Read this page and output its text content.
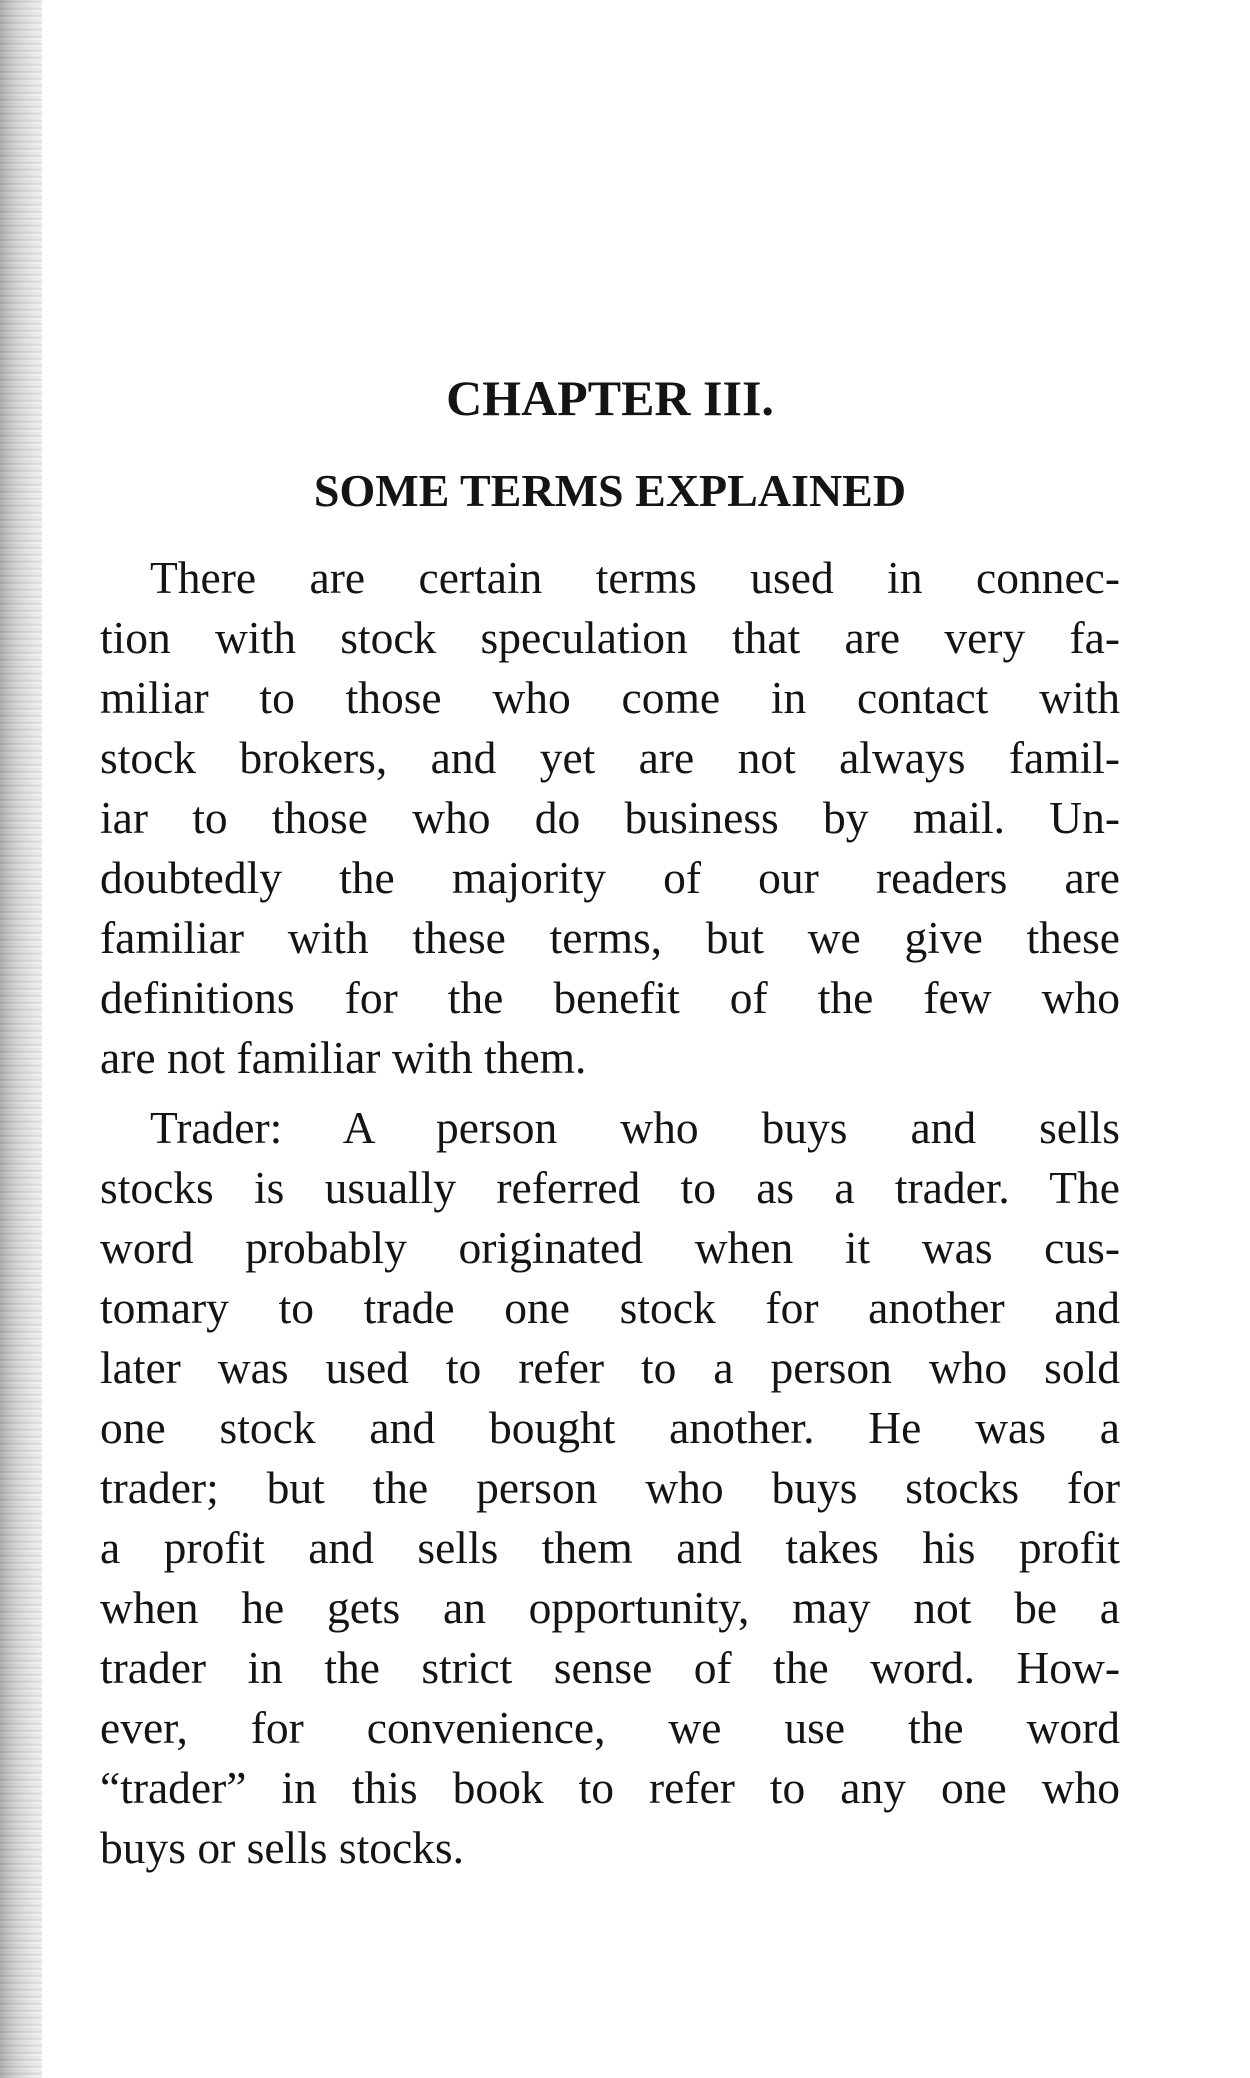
CHAPTER III.
SOME TERMS EXPLAINED
There are certain terms used in connec-
tion with stock speculation that are very fa-
miliar to those who come in contact with
stock brokers, and yet are not always famil-
iar to those who do business by mail. Un-
doubtedly the majority of our readers are
familiar with these terms, but we give these
definitions for the benefit of the few who
are not familiar with them.
Trader: A person who buys and sells
stocks is usually referred to as a trader. The
word probably originated when it was cus-
tomary to trade one stock for another and
later was used to refer to a person who sold
one stock and bought another. He was a
trader; but the person who buys stocks for
a profit and sells them and takes his profit
when he gets an opportunity, may not be a
trader in the strict sense of the word. How-
ever, for convenience, we use the word
“trader” in this book to refer to any one who
buys or sells stocks.
